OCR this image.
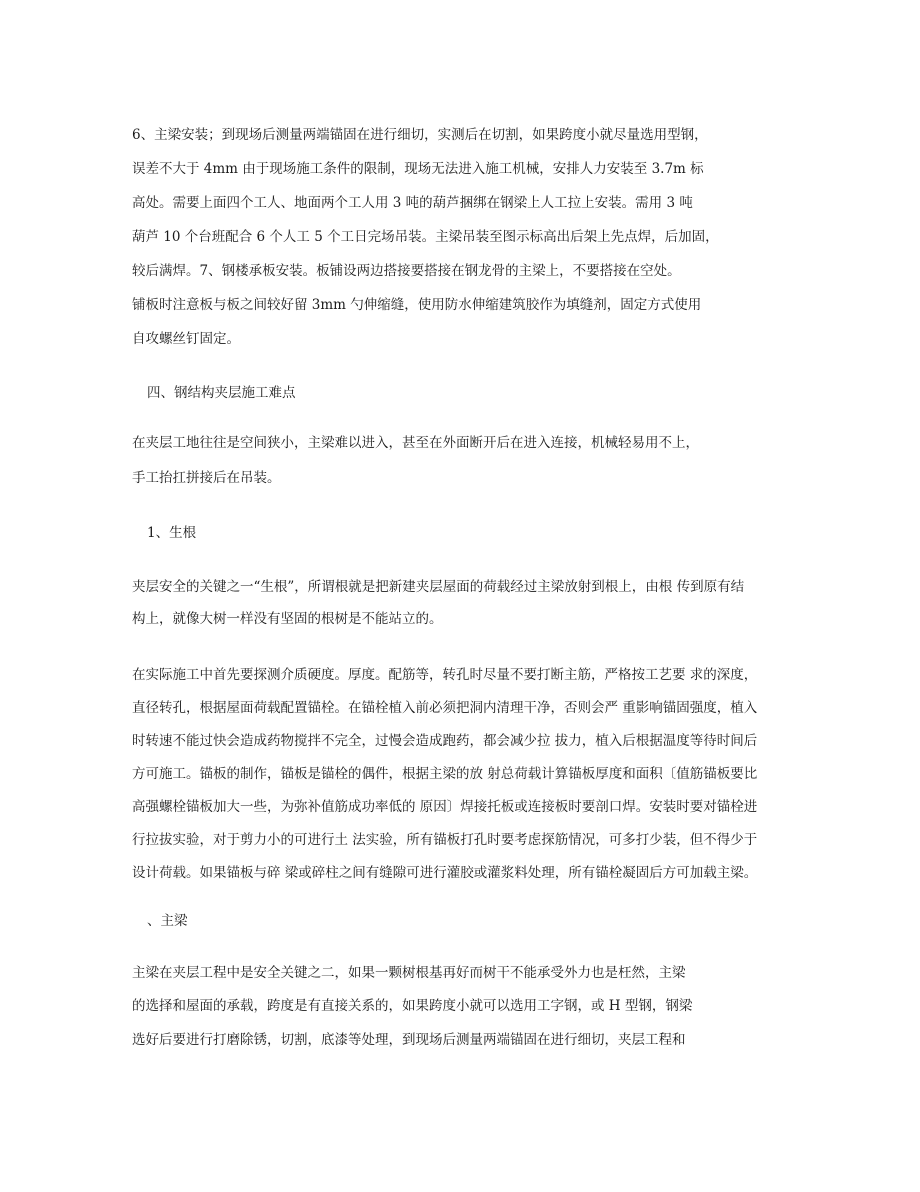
6、主梁安装；到现场后测量两端锚固在进行细切，实测后在切割，如果跨度小就尽量选用型钢，
误差不大于 4mm 由于现场施工条件的限制，现场无法进入施工机械，安排人力安装至 3.7m 标
高处。需要上面四个工人、地面两个工人用 3 吨的葫芦捆绑在钢梁上人工拉上安装。需用 3 吨
葫芦 10 个台班配合 6 个人工 5 个工日完场吊装。主梁吊装至图示标高出后架上先点焊，后加固，
较后满焊。7、钢楼承板安装。板铺设两边搭接要搭接在钢龙骨的主梁上，不要搭接在空处。
铺板时注意板与板之间较好留 3mm 勺伸缩缝，使用防水伸缩建筑胶作为填缝剂，固定方式使用
自攻螺丝钉固定。
四、钢结构夹层施工难点
在夹层工地往往是空间狭小，主梁难以进入，甚至在外面断开后在进入连接，机械轻易用不上，
手工抬扛拼接后在吊装。
1、生根
夹层安全的关键之一“生根”，所谓根就是把新建夹层屋面的荷载经过主梁放射到根上，由根 传到原有结
构上，就像大树一样没有坚固的根树是不能站立的。
在实际施工中首先要探测介质硬度。厚度。配筋等，转孔时尽量不要打断主筋，严格按工艺要 求的深度，
直径转孔，根据屋面荷载配置锚栓。在锚栓植入前必须把洞内清理干净，否则会严 重影响锚固强度，植入
时转速不能过快会造成药物搅拌不完全，过慢会造成跑药，都会减少拉 拔力，植入后根据温度等待时间后
方可施工。锚板的制作，锚板是锚栓的偶件，根据主梁的放 射总荷载计算锚板厚度和面积〔值筋锚板要比
高强螺栓锚板加大一些，为弥补值筋成功率低的 原因〕焊接托板或连接板时要剖口焊。安装时要对锚栓进
行拉拔实验，对于剪力小的可进行土 法实验，所有锚板打孔时要考虑探筋情况，可多打少装，但不得少于
设计荷载。如果锚板与碎 梁或碎柱之间有缝隙可进行灌胶或灌浆料处理，所有锚栓凝固后方可加载主梁。
、主梁
主梁在夹层工程中是安全关键之二，如果一颗树根基再好而树干不能承受外力也是枉然，主梁
的选择和屋面的承载，跨度是有直接关系的，如果跨度小就可以选用工字钢，或 H 型钢，钢梁
选好后要进行打磨除锈，切割，底漆等处理，到现场后测量两端锚固在进行细切，夹层工程和
